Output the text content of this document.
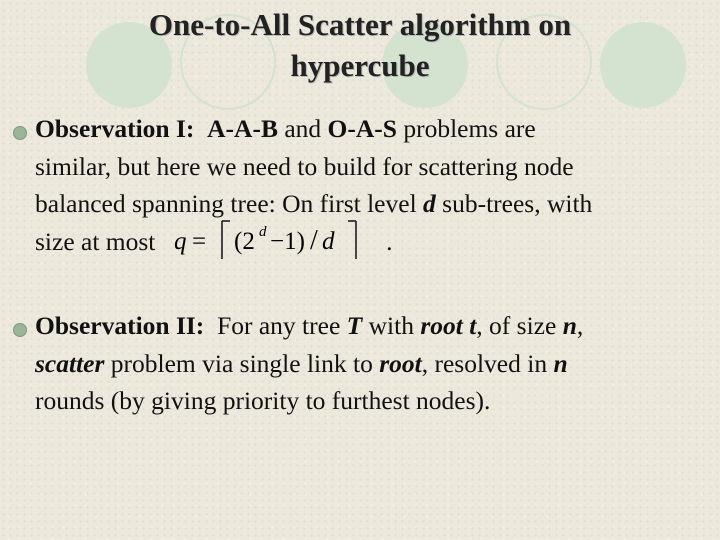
One-to-All Scatter algorithm on
hypercube
Observation I: A-A-B and O-A-S problems are
similar, but here we need to build for scattering node
balanced spanning tree: On first level d sub-trees, with
size at most q = (2 d −1) / d .
Observation II: For any tree T with root t, of size n,
scatter problem via single link to root, resolved in n
rounds (by giving priority to furthest nodes).
